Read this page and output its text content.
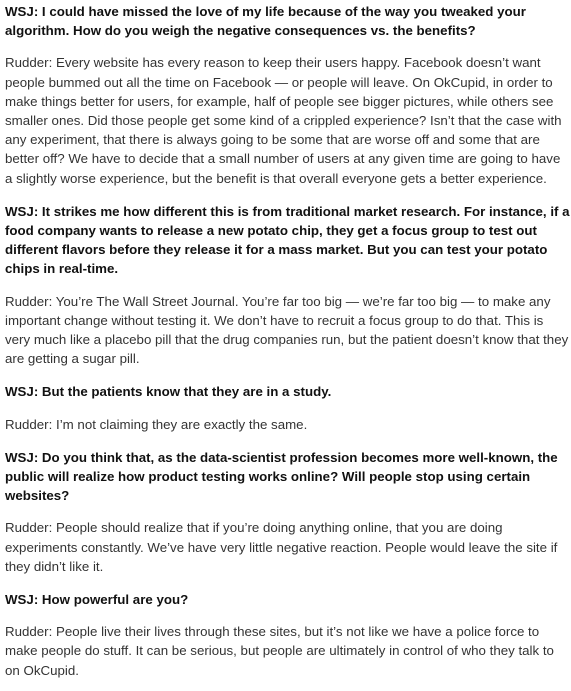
WSJ: I could have missed the love of my life because of the way you tweaked your algorithm. How do you weigh the negative consequences vs. the benefits?

Rudder: Every website has every reason to keep their users happy. Facebook doesn’t want people bummed out all the time on Facebook — or people will leave. On OkCupid, in order to make things better for users, for example, half of people see bigger pictures, while others see smaller ones. Did those people get some kind of a crippled experience? Isn’t that the case with any experiment, that there is always going to be some that are worse off and some that are better off? We have to decide that a small number of users at any given time are going to have a slightly worse experience, but the benefit is that overall everyone gets a better experience.

WSJ: It strikes me how different this is from traditional market research. For instance, if a food company wants to release a new potato chip, they get a focus group to test out different flavors before they release it for a mass market. But you can test your potato chips in real-time.

Rudder: You’re The Wall Street Journal. You’re far too big — we’re far too big — to make any important change without testing it. We don’t have to recruit a focus group to do that. This is very much like a placebo pill that the drug companies run, but the patient doesn’t know that they are getting a sugar pill.

WSJ: But the patients know that they are in a study.

Rudder: I’m not claiming they are exactly the same.

WSJ: Do you think that, as the data-scientist profession becomes more well-known, the public will realize how product testing works online? Will people stop using certain websites?

Rudder: People should realize that if you’re doing anything online, that you are doing experiments constantly. We’ve have very little negative reaction. People would leave the site if they didn’t like it.

WSJ: How powerful are you?

Rudder: People live their lives through these sites, but it’s not like we have a police force to make people do stuff. It can be serious, but people are ultimately in control of who they talk to on OkCupid.
